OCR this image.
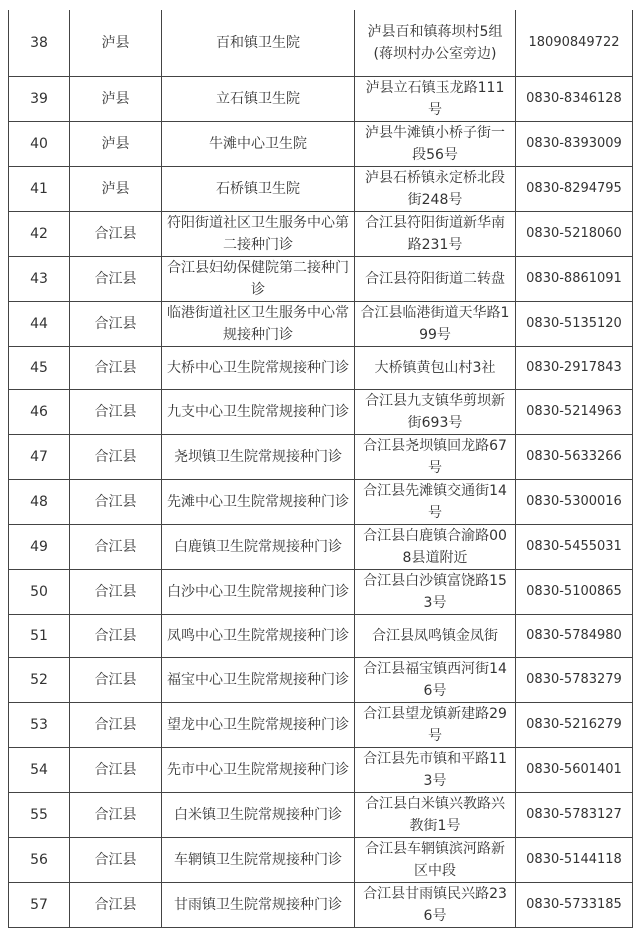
38	泸县	百和镇卫生院	泸县百和镇蒋坝村5组(蒋坝村办公室旁边)	18090849722
39	泸县	立石镇卫生院	泸县立石镇玉龙路111号	0830-8346128
40	泸县	牛滩中心卫生院	泸县牛滩镇小桥子街一段56号	0830-8393009
41	泸县	石桥镇卫生院	泸县石桥镇永定桥北段街248号	0830-8294795
42	合江县	符阳街道社区卫生服务中心第二接种门诊	合江县符阳街道新华南路231号	0830-5218060
43	合江县	合江县妇幼保健院第二接种门诊	合江县符阳街道二转盘	0830-8861091
44	合江县	临港街道社区卫生服务中心常规接种门诊	合江县临港街道天华路199号	0830-5135120
45	合江县	大桥中心卫生院常规接种门诊	大桥镇黄包山村3社	0830-2917843
46	合江县	九支中心卫生院常规接种门诊	合江县九支镇华剪坝新街693号	0830-5214963
47	合江县	尧坝镇卫生院常规接种门诊	合江县尧坝镇回龙路67号	0830-5633266
48	合江县	先滩中心卫生院常规接种门诊	合江县先滩镇交通街14号	0830-5300016
49	合江县	白鹿镇卫生院常规接种门诊	合江县白鹿镇合渝路008县道附近	0830-5455031
50	合江县	白沙中心卫生院常规接种门诊	合江县白沙镇富饶路153号	0830-5100865
51	合江县	凤鸣中心卫生院常规接种门诊	合江县凤鸣镇金凤街	0830-5784980
52	合江县	福宝中心卫生院常规接种门诊	合江县福宝镇西河街146号	0830-5783279
53	合江县	望龙中心卫生院常规接种门诊	合江县望龙镇新建路29号	0830-5216279
54	合江县	先市中心卫生院常规接种门诊	合江县先市镇和平路113号	0830-5601401
55	合江县	白米镇卫生院常规接种门诊	合江县白米镇兴教路兴教街1号	0830-5783127
56	合江县	车辋镇卫生院常规接种门诊	合江县车辋镇滨河路新区中段	0830-5144118
57	合江县	甘雨镇卫生院常规接种门诊	合江县甘雨镇民兴路236号	0830-5733185
